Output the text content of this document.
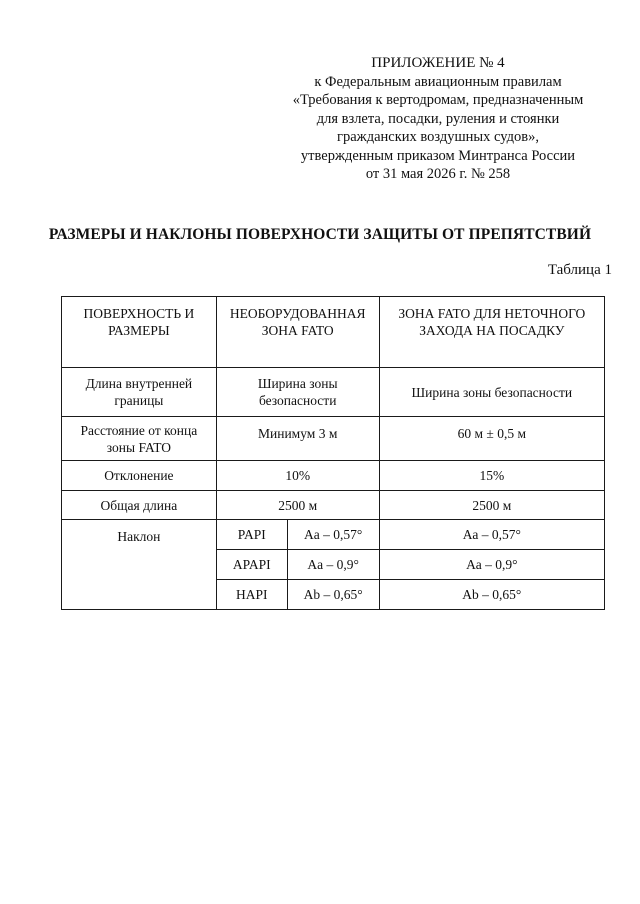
ПРИЛОЖЕНИЕ № 4
к Федеральным авиационным правилам
«Требования к вертодромам, предназначенным
для взлета, посадки, руления и стоянки
гражданских воздушных судов»,
утвержденным приказом Минтранса России
от 31 мая 2026 г. № 258
РАЗМЕРЫ И НАКЛОНЫ ПОВЕРХНОСТИ ЗАЩИТЫ ОТ ПРЕПЯТСТВИЙ
Таблица 1
ПОВЕРХНОСТЬ И РАЗМЕРЫ	НЕОБОРУДОВАННАЯ ЗОНА FATO		ЗОНА FATO ДЛЯ НЕТОЧНОГО ЗАХОДА НА ПОСАДКУ
Длина внутренней границы	Ширина зоны безопасности		Ширина зоны безопасности
Расстояние от конца зоны FATO	Минимум 3 м		60 м ± 0,5 м
Отклонение	10%		15%
Общая длина	2500 м		2500 м
Наклон	PAPI	Aa – 0,57°	Aa – 0,57°
	APAPI	Aa – 0,9°	Aa – 0,9°
	HAPI	Ab – 0,65°	Ab – 0,65°
